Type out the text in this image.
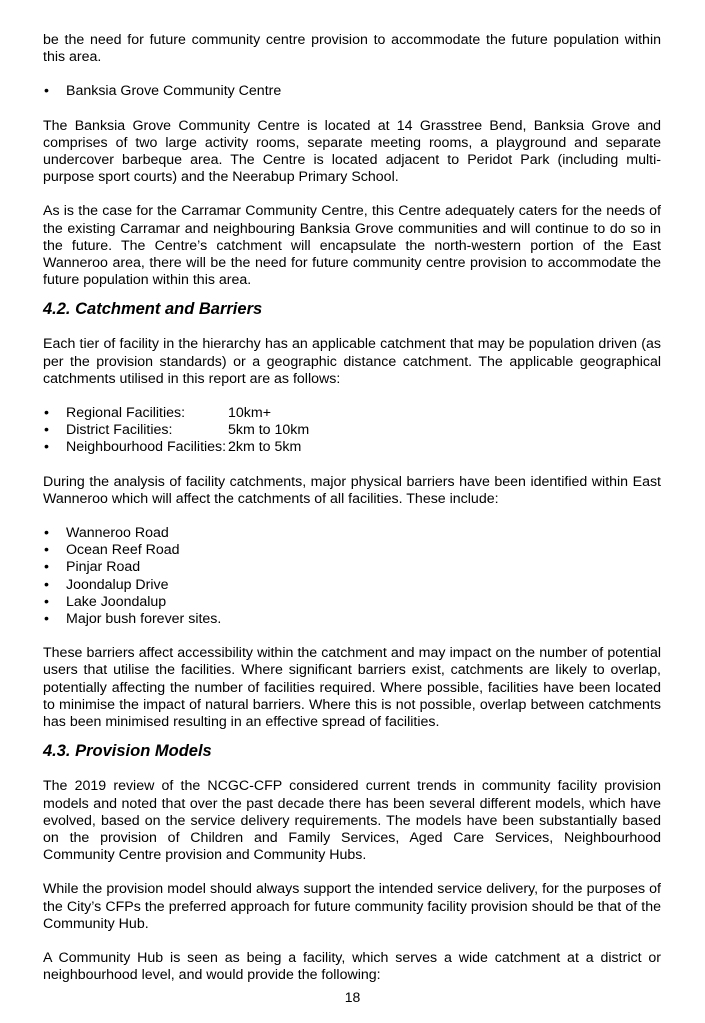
be the need for future community centre provision to accommodate the future population within this area.

• Banksia Grove Community Centre

The Banksia Grove Community Centre is located at 14 Grasstree Bend, Banksia Grove and comprises of two large activity rooms, separate meeting rooms, a playground and separate undercover barbeque area. The Centre is located adjacent to Peridot Park (including multi-purpose sport courts) and the Neerabup Primary School.

As is the case for the Carramar Community Centre, this Centre adequately caters for the needs of the existing Carramar and neighbouring Banksia Grove communities and will continue to do so in the future. The Centre’s catchment will encapsulate the north-western portion of the East Wanneroo area, there will be the need for future community centre provision to accommodate the future population within this area.

4.2. Catchment and Barriers

Each tier of facility in the hierarchy has an applicable catchment that may be population driven (as per the provision standards) or a geographic distance catchment. The applicable geographical catchments utilised in this report are as follows:

• Regional Facilities:	10km+
• District Facilities:	5km to 10km
• Neighbourhood Facilities: 2km to 5km

During the analysis of facility catchments, major physical barriers have been identified within East Wanneroo which will affect the catchments of all facilities. These include:

• Wanneroo Road
• Ocean Reef Road
• Pinjar Road
• Joondalup Drive
• Lake Joondalup
• Major bush forever sites.

These barriers affect accessibility within the catchment and may impact on the number of potential users that utilise the facilities. Where significant barriers exist, catchments are likely to overlap, potentially affecting the number of facilities required. Where possible, facilities have been located to minimise the impact of natural barriers. Where this is not possible, overlap between catchments has been minimised resulting in an effective spread of facilities.

4.3. Provision Models

The 2019 review of the NCGC-CFP considered current trends in community facility provision models and noted that over the past decade there has been several different models, which have evolved, based on the service delivery requirements. The models have been substantially based on the provision of Children and Family Services, Aged Care Services, Neighbourhood Community Centre provision and Community Hubs.

While the provision model should always support the intended service delivery, for the purposes of the City’s CFPs the preferred approach for future community facility provision should be that of the Community Hub.

A Community Hub is seen as being a facility, which serves a wide catchment at a district or neighbourhood level, and would provide the following:

18
